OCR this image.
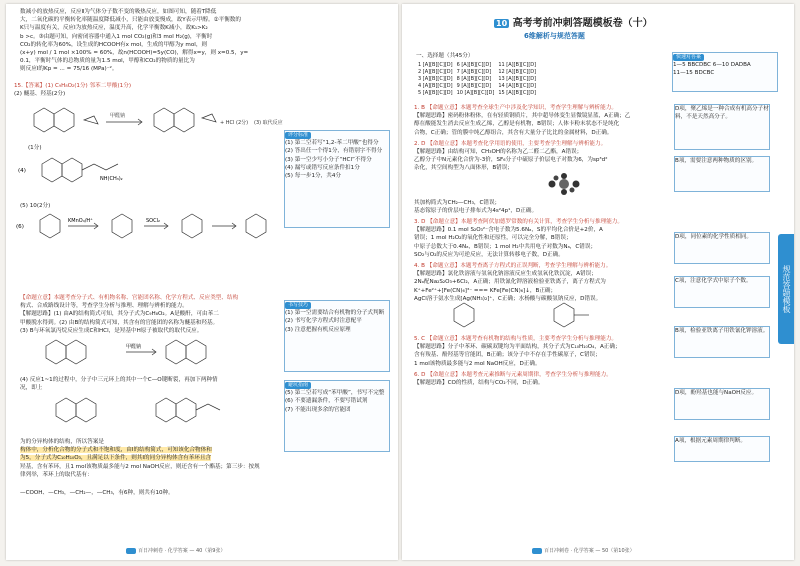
数减小的放热反应，反应Ⅱ为气体分子数不变的吸热反应，如图可知，随着T降低
大，二氧化碳的平衡转化率随温度降低减小，只能由放变慢成，故Y表示甲醇。②平衡数的
K只与温度有关，反应Ⅰ为放热反应，温度升高，化学平衡数K减小，故K₁>K₂
b >c。③由题可知，向密闭容器中通入1 mol CO₂(g)和3 mol H₂(g)，平衡时
CO₂的转化率为60%，设生成的HCOOH有x mol，生成的甲醇为y mol，则
(x+y) mol / 1 mol ×100% = 60%，故n(HCOOH)=5y(CO)，解得x=y，则 x=0.5，y=
0.1，平衡时气体的总物质的量为1.5 mol，甲醇和CO₂的物质的量比为
则反应Ⅰ的Kp = ... = 75/16 (MPa)⁻²。
15.【答案】(1) C₉H₈O₂(1分) 邻苯二甲酸(1分)
(2) 醚基、羟基(2分)
甲醛钠
+ HCl (2分) (3) 取代反应
(1分)
(4)
NH(CH₃)₂
(5) 10(2分)
(6)
KMnO₄/H⁺	SOCl₂
【命题立意】本题考查分子式、有机物名称、官能团名称、化学方程式、反应类型、结构
构式、合成路线设计等，考查学生分析与推理、理解与辨析的能力。
【解题思路】(1) 由A的结构简式可知，其分子式为C₉H₈O₂。A是酸酐，可由苯二
甲酸脱水得到。(2) 由B的结构简式可知，其含有的官能团的名称为醚基和羟基。
(3) B与环氧氯丙烷反应生成C和HCl，是羟基中H原子被取代的取代反应。
甲醛钠
(4) 反应1~1的过程中，分子中三元环上的其中一个C—O键断裂，再加下两种情
况，即上
为的分异构体的结构，所以答案是
构体中，分析化合物的分子式和不饱和度，由I的结构简式，可知该化合物体和
为5，分子式为C₁₀H₁₀O₃，且满足以下条件，则其I的同分异构体含有苯环且含
羟基，含有苯环，且1 mol该物质最多能与2 mol NaOH反应，则还含有一个酯基；第三步：按规
律列举，苯环上的取代基有：
—COOH、—CH₃，—CH₂—，—CH₃，有6种，则共有10种。
评分标准
(1) 第二空若写“1,2-苯二甲酸”也得分
(2) 答出任一个得1分，有错别字不得分
(3) 第一空少写小分子“HCl”不得分
(4) 漏写或错写反应条件扣1分
(5) 每一步1分，共4分
书写技巧
(1) 第一空需要结合有机物的分子式判断
(2) 书写化学方程式时注意配平
(3) 注意把握有机反应原理
避坑指南
(5) 第二空若写成“苯甲酸”，书写不完整
(6) 不要遗漏条件，不要写错试剂
(7) 不能出现多余的官能团
百日冲刺卷 · 化学答案 — 40（第9张）
10 高考考前冲刺答题模板卷（十）
6维解析与规范答题
一、选择题（共45分）
1 [A][B][C][D]	6 [A][B][C][D]	11 [A][B][C][D]
2 [A][B][C][D]	7 [A][B][C][D]	12 [A][B][C][D]
3 [A][B][C][D]	8 [A][B][C][D]	13 [A][B][C][D]
4 [A][B][C][D]	9 [A][B][C][D]	14 [A][B][C][D]
5 [A][B][C][D]	10 [A][B][C][D]	15 [A][B][C][D]
快速对答案
1—5 BBCDBC 6—10 DADBA
11—15 BDCBC
1. B 【命题立意】本题考查全球生产中涉及化学知识，考查学生理解与辨析能力。
【解题思路】密码粉体粉体，在有轻质钢质片，其中超导体变生显微镜显蓝，A正确；乙
醇在酸能发生消去反应生成乙烯，乙醇是有机物，B错误；人体卡粉末状态不是纯化
合物，C正确；管的膜中纯乙醇组合，其含有大量分子比比的金属材料，D正确。
2. D 【命题立意】本题考查化学用语的使用，主要考查学生理解与辨析能力。
【解题思路】由结构可知，CH₃OH的名称为乙二醛二乙酯，A错误；
乙醇分子中N元素化合价为-3价，SF₆分子中硫原子价层电子对数为6，为sp³d²
杂化，其空间构型为八面体形，B错误；
其加构简式为CH₂—CH₃，C错误；
基态镓原子的价层电子排布式为4s²4p¹，D正确。
3. D 【命题立意】本题考查阿伏加德罗常数的有关计算，考查学生分析与推理能力。
【解题思路】0.1 mol S₂O₃²⁻含电子数为5.6Nₐ，S的平均化合价是+2价，A
错误；1 mol H₂O₂的氧化性和还原性，可以完全分解，B错误；
中原子总数大于0.4Nₐ，B错误；1 mol H₂中共用电子对数为Nₐ，C错误；
SO₂与O₂的反应为可逆反应，无法计算转移电子数，D正确。
4. B 【命题立意】本题考查离子方程式的正误判断，考查学生理解与辨析能力。
【解题思路】氯化铁溶液与氢氧化钠溶液反应生成氢氧化铁沉淀，A错误；
2Nₐ配Na₂S₂O₃+6Cl₂，A正确；用铁氰化钾溶液检验亚铁离子，离子方程式为
K⁺+Fe²⁺+[Fe(CN)₆]³⁻ === KFe[Fe(CN)₆]↓，B正确；
AgCl溶于氨水生成[Ag(NH₃)₂]⁺，C正确；水杨酸与碳酸氢钠反应，D错误。
5. C 【命题立意】本题考查有机物的结构与性质，主要考查学生分析与推理能力。
【解题思路】分子中苯环、碳碳双键均为平面结构，其分子式为C₁₀H₁₀O₄，A正确；
含有羧基、酚羟基等官能团，B正确；该分子中不存在手性碳原子，C错误；
1 mol该物质最多能与2 mol NaOH反应，D正确。
6. D 【命题立意】本题考查元素推断与元素周期律，考查学生分析与推理能力。
【解题思路】CO的性质，结构与CO₂不同，D正确。
D项，聚乙烯是一种合成有机高分子材料，不是天然高分子。
B项，需要注意两种物质的区别。
D项，同位素的化学性质相同。
C项，注意化学式中原子个数。
B项，检验亚铁离子用铁氰化钾溶液。
D项，酚羟基也能与NaOH反应。
A项，根据元素周期律判断。
规范答题模板
百日冲刺卷 · 化学答案 — 50（第10张）
